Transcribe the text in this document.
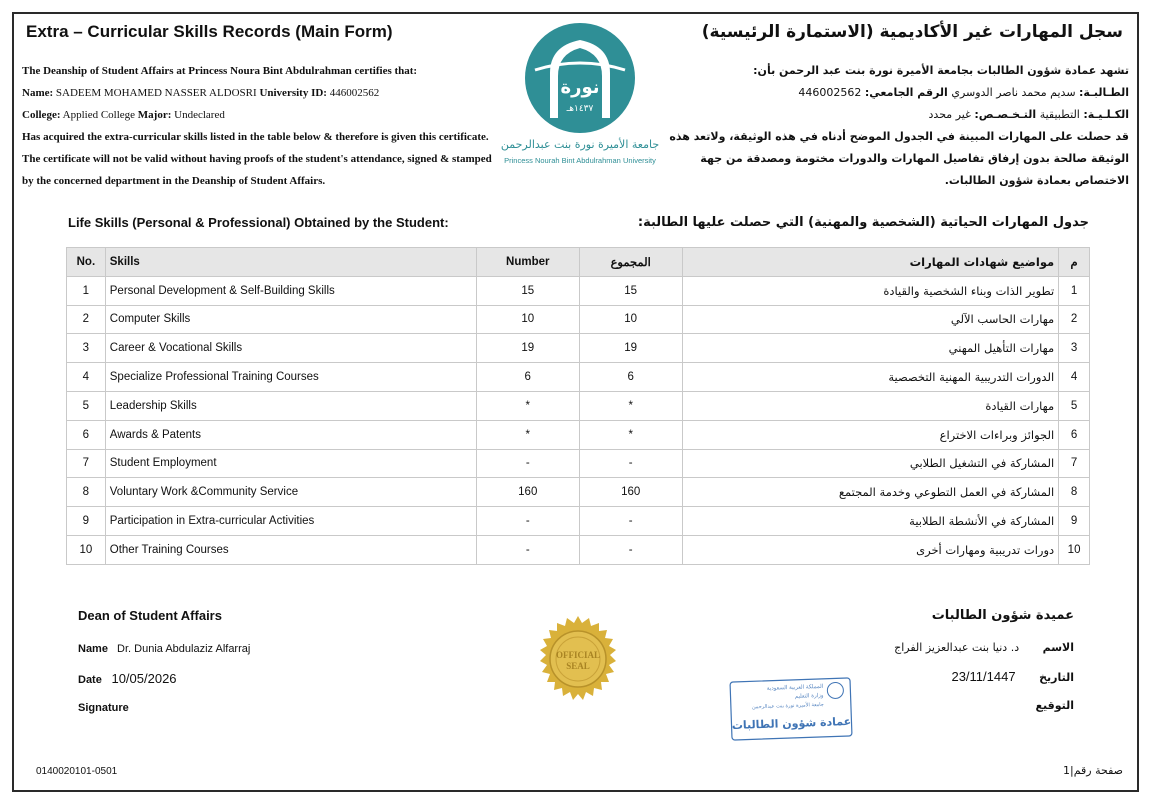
Extra – Curricular Skills Records (Main Form)	سجل المهارات غير الأكاديمية (الاستمارة الرئيسية)
The Deanship of Student Affairs at Princess Noura Bint Abdulrahman certifies that:
Name: SADEEM MOHAMED NASSER ALDOSRI University ID: 446002562
College: Applied College Major: Undeclared
Has acquired the extra-curricular skills listed in the table below & therefore is given this certificate. The certificate will not be valid without having proofs of the student's attendance, signed & stamped by the concerned department in the Deanship of Student Affairs.
نورة
١٤٣٧هـ
جامعة الأميرة نورة بنت عبدالرحمن
Princess Nourah Bint Abdulrahman University
تشهد عمادة شؤون الطالبات بجامعة الأميرة نورة بنت عبد الرحمن بأن:
الطـالبـة: سديم محمد ناصر الدوسري الرقم الجامعي: 446002562
الكـلـيـة: التطبيقية التـخـصـص: غير محدد
قد حصلت على المهارات المبينة في الجدول الموضح أدناه في هذه الوثيقة، ولاتعد هذه الوثيقة صالحة بدون إرفاق تفاصيل المهارات والدورات مختومة ومصدقة من جهة الاختصاص بعمادة شؤون الطالبات.
Life Skills (Personal & Professional) Obtained by the Student:	جدول المهارات الحياتية (الشخصية والمهنية) التي حصلت عليها الطالبة:
No.	Skills	Number	المجموع	مواضيع شهادات المهارات	م
1	Personal Development & Self-Building Skills	15	15	تطوير الذات وبناء الشخصية والقيادة	1
2	Computer Skills	10	10	مهارات الحاسب الآلي	2
3	Career & Vocational Skills	19	19	مهارات التأهيل المهني	3
4	Specialize Professional Training Courses	6	6	الدورات التدريبية المهنية التخصصية	4
5	Leadership Skills	*	*	مهارات القيادة	5
6	Awards & Patents	*	*	الجوائز وبراءات الاختراع	6
7	Student Employment	-	-	المشاركة في التشغيل الطلابي	7
8	Voluntary Work &Community Service	160	160	المشاركة في العمل التطوعي وخدمة المجتمع	8
9	Participation in Extra-curricular Activities	-	-	المشاركة في الأنشطة الطلابية	9
10	Other Training Courses	-	-	دورات تدريبية ومهارات أخرى	10
Dean of Student Affairs
Name Dr. Dunia Abdulaziz Alfarraj
Date 10/05/2026
Signature
OFFICIAL
SEAL
المملكة العربية السعودية
وزارة التعليم
جامعة الأميرة نورة بنت عبدالرحمن
عمادة شؤون الطالبات
عميدة شؤون الطالبات
الاسم د. دنيا بنت عبدالعزيز الفراج
التاريخ 23/11/1447
التوقيع
0140020101-0501	صفحة رقم|1
